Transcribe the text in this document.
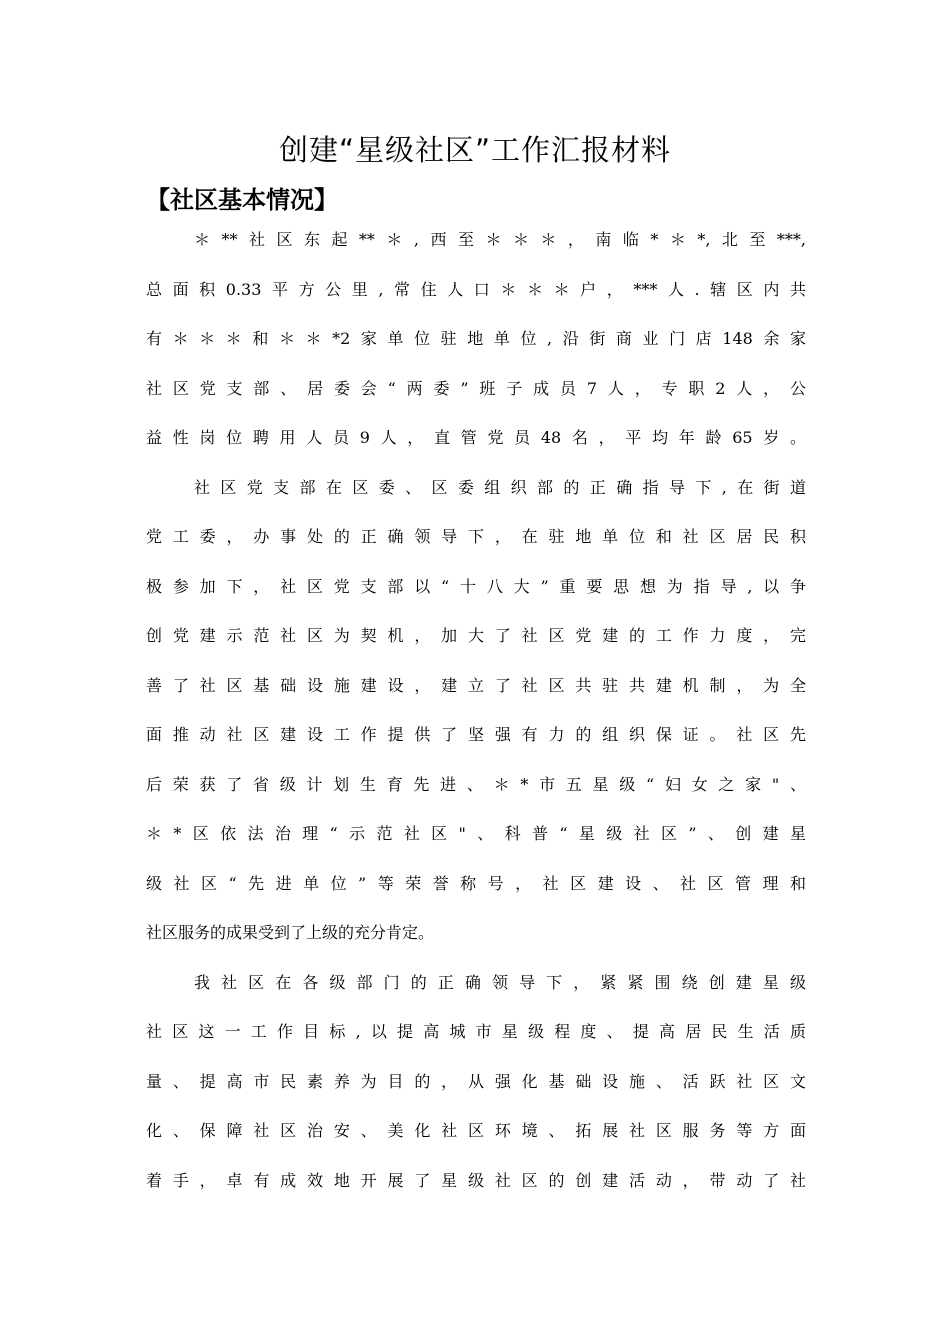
创建“星级社区”工作汇报材料
【社区基本情况】
＊**社区东起**＊,西至＊＊＊，南临*＊*,北至***,
总面积0.33平方公里,常住人口＊＊＊户，***人.辖区内共
有＊＊＊和＊＊*2家单位驻地单位,沿街商业门店148余家
社区党支部、居委会“两委”班子成员7人，专职2人，公
益性岗位聘用人员9人，直管党员48名，平均年龄65岁。
社区党支部在区委、区委组织部的正确指导下,在街道
党工委，办事处的正确领导下，在驻地单位和社区居民积
极参加下，社区党支部以“十八大”重要思想为指导,以争
创党建示范社区为契机，加大了社区党建的工作力度，完
善了社区基础设施建设，建立了社区共驻共建机制，为全
面推动社区建设工作提供了坚强有力的组织保证。社区先
后荣获了省级计划生育先进、＊*市五星级“妇女之家"、
＊*区依法治理“示范社区"、科普“星级社区”、创建星
级社区“先进单位”等荣誉称号，社区建设、社区管理和
社区服务的成果受到了上级的充分肯定。
我社区在各级部门的正确领导下，紧紧围绕创建星级
社区这一工作目标,以提高城市星级程度、提高居民生活质
量、提高市民素养为目的，从强化基础设施、活跃社区文
化、保障社区治安、美化社区环境、拓展社区服务等方面
着手，卓有成效地开展了星级社区的创建活动，带动了社
